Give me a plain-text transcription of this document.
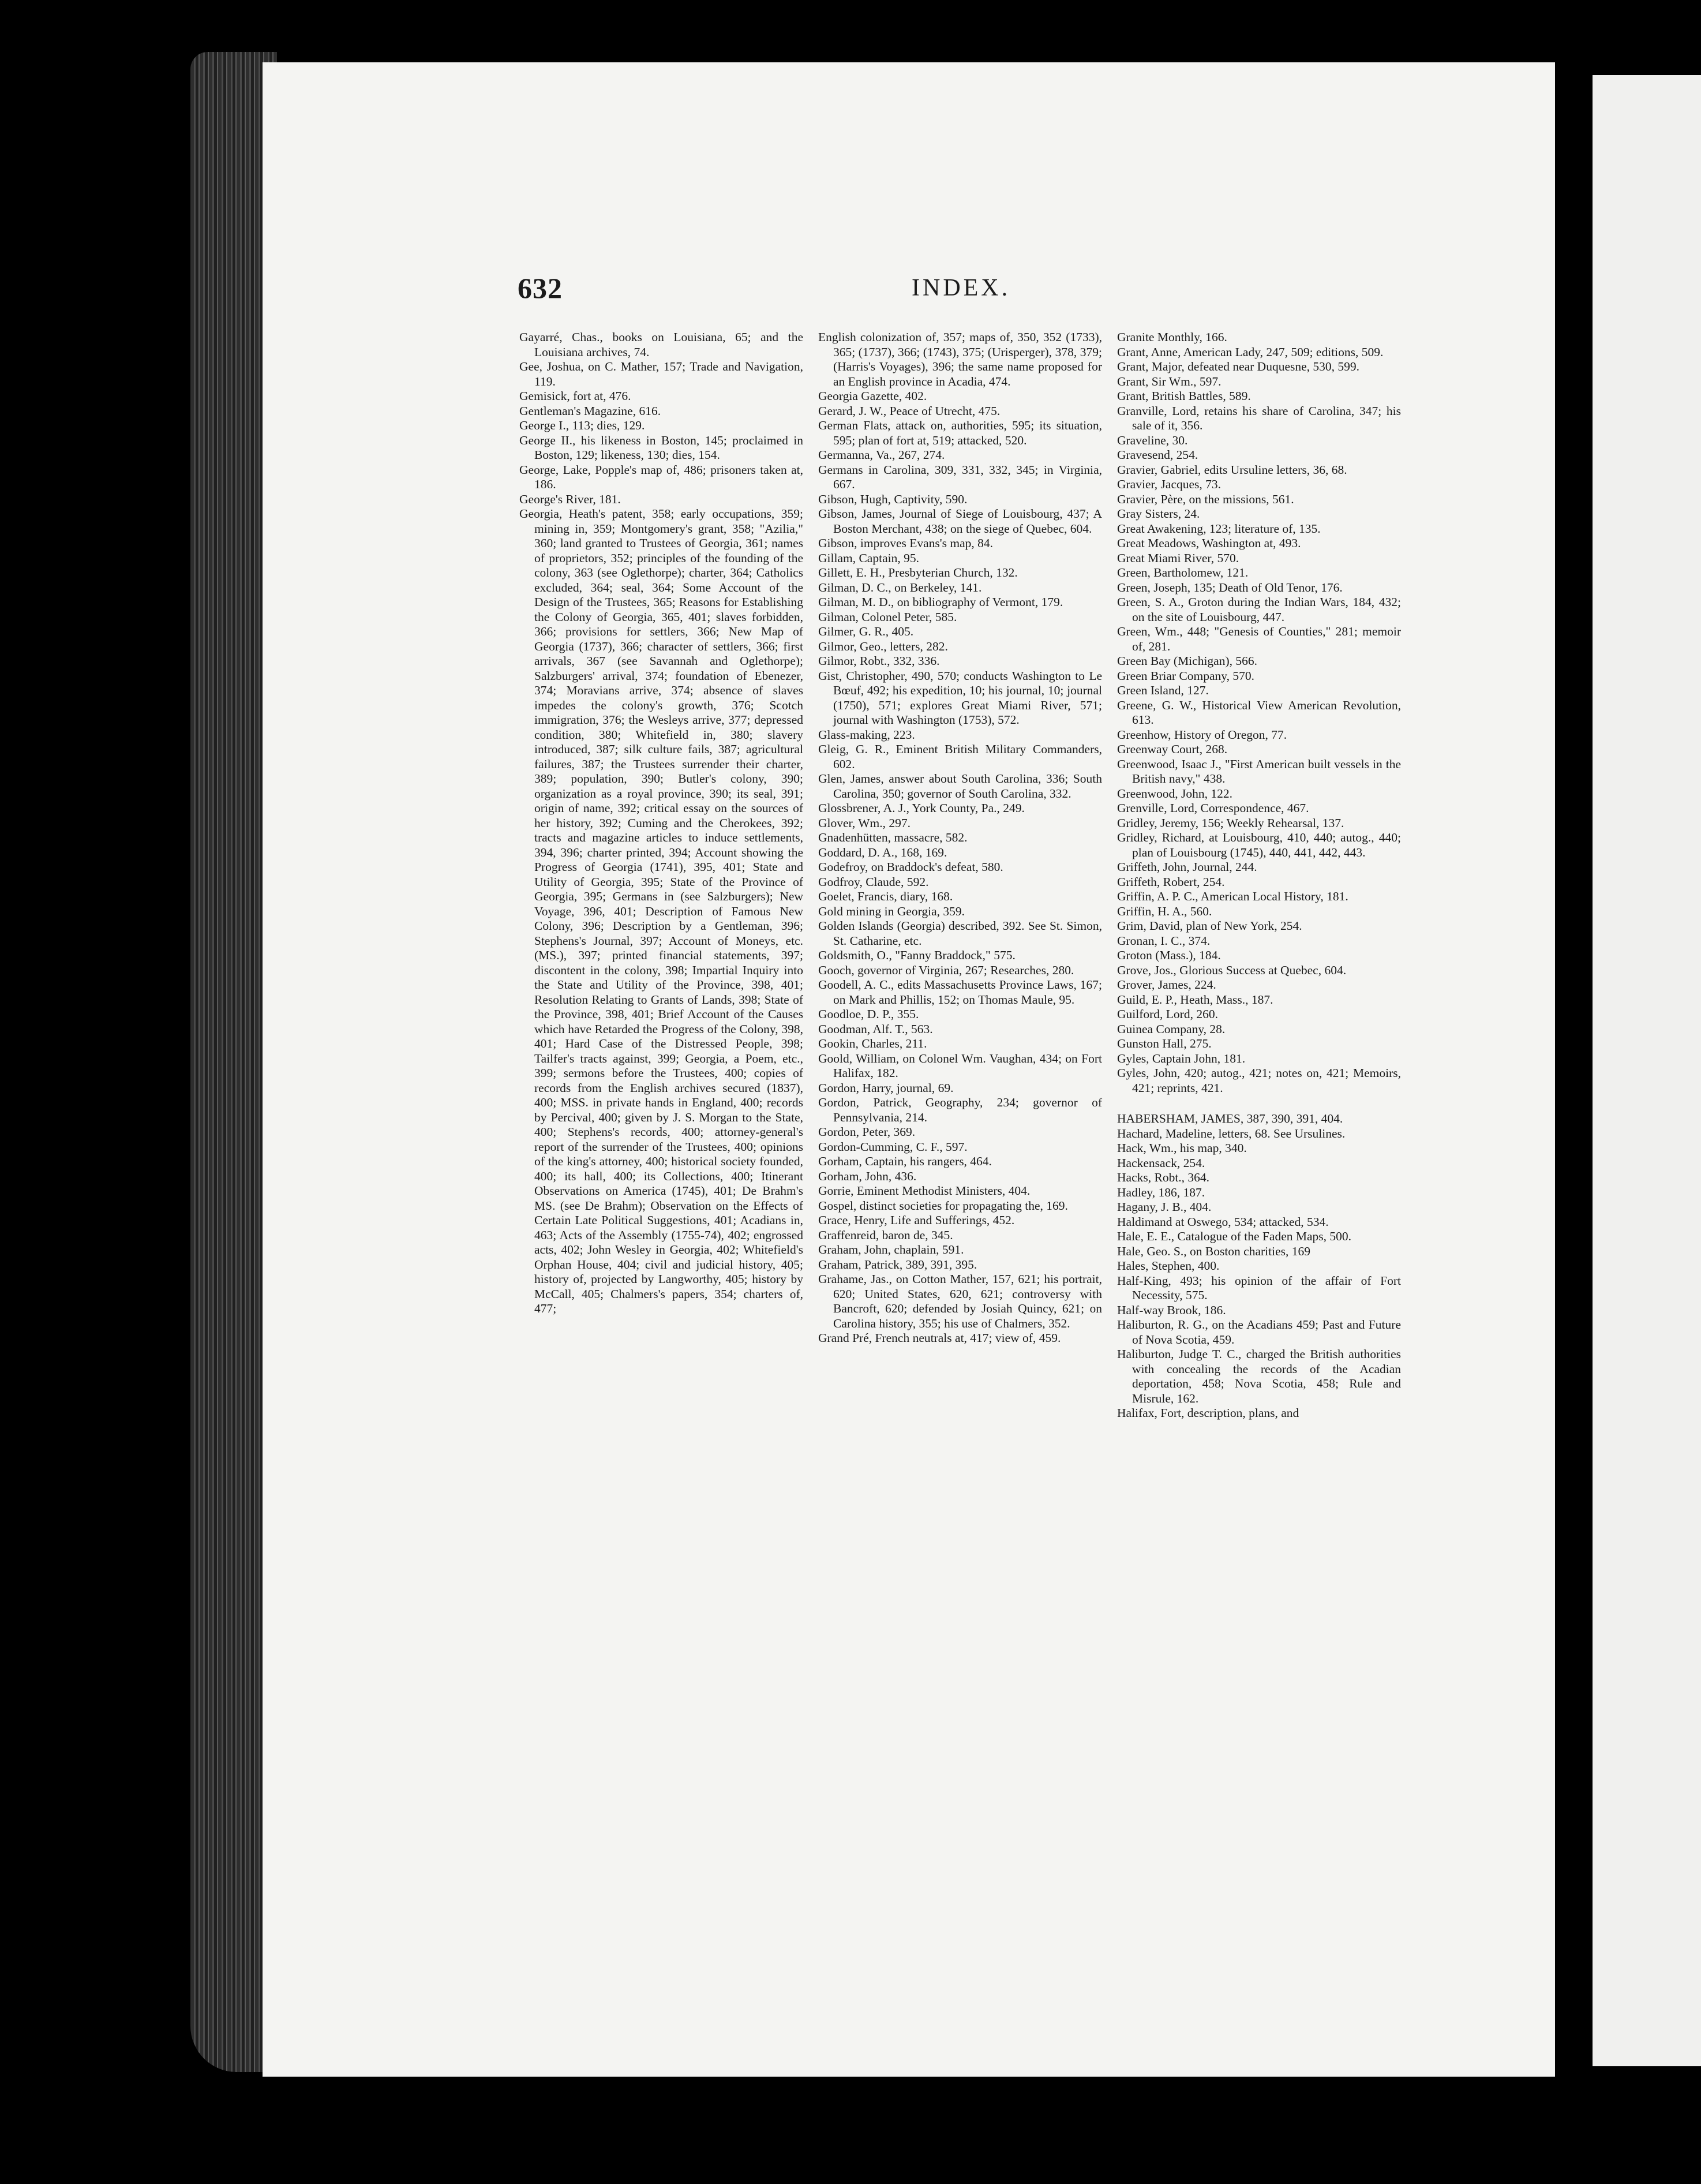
632	INDEX.
Gayarré, Chas., books on Louisiana, 65; and the Louisiana archives, 74.
Gee, Joshua, on C. Mather, 157; Trade and Navigation, 119.
Gemisick, fort at, 476.
Gentleman's Magazine, 616.
George I., 113; dies, 129.
George II., his likeness in Boston, 145; proclaimed in Boston, 129; likeness, 130; dies, 154.
George, Lake, Popple's map of, 486; prisoners taken at, 186.
George's River, 181.
Georgia, Heath's patent, 358; early occupations, 359; mining in, 359; Montgomery's grant, 358; "Azilia," 360; land granted to Trustees of Georgia, 361; names of proprietors, 352; principles of the founding of the colony, 363 (see Oglethorpe); charter, 364; Catholics excluded, 364; seal, 364; Some Account of the Design of the Trustees, 365; Reasons for Establishing the Colony of Georgia, 365, 401; slaves forbidden, 366; provisions for settlers, 366; New Map of Georgia (1737), 366; character of settlers, 366; first arrivals, 367 (see Savannah and Oglethorpe); Salzburgers' arrival, 374; foundation of Ebenezer, 374; Moravians arrive, 374; absence of slaves impedes the colony's growth, 376; Scotch immigration, 376; the Wesleys arrive, 377; depressed condition, 380; Whitefield in, 380; slavery introduced, 387; silk culture fails, 387; agricultural failures, 387; the Trustees surrender their charter, 389; population, 390; Butler's colony, 390; organization as a royal province, 390; its seal, 391; origin of name, 392; critical essay on the sources of her history, 392; Cuming and the Cherokees, 392; tracts and magazine articles to induce settlements, 394, 396; charter printed, 394; Account showing the Progress of Georgia (1741), 395, 401; State and Utility of Georgia, 395; State of the Province of Georgia, 395; Germans in (see Salzburgers); New Voyage, 396, 401; Description of Famous New Colony, 396; Description by a Gentleman, 396; Stephens's Journal, 397; Account of Moneys, etc. (MS.), 397; printed financial statements, 397; discontent in the colony, 398; Impartial Inquiry into the State and Utility of the Province, 398, 401; Resolution Relating to Grants of Lands, 398; State of the Province, 398, 401; Brief Account of the Causes which have Retarded the Progress of the Colony, 398, 401; Hard Case of the Distressed People, 398; Tailfer's tracts against, 399; Georgia, a Poem, etc., 399; sermons before the Trustees, 400; copies of records from the English archives secured (1837), 400; MSS. in private hands in England, 400; records by Percival, 400; given by J. S. Morgan to the State, 400; Stephens's records, 400; attorney-general's report of the surrender of the Trustees, 400; opinions of the king's attorney, 400; historical society founded, 400; its hall, 400; its Collections, 400; Itinerant Observations on America (1745), 401; De Brahm's MS. (see De Brahm); Observation on the Effects of Certain Late Political Suggestions, 401; Acadians in, 463; Acts of the Assembly (1755-74), 402; engrossed acts, 402; John Wesley in Georgia, 402; Whitefield's Orphan House, 404; civil and judicial history, 405; history of, projected by Langworthy, 405; history by McCall, 405; Chalmers's papers, 354; charters of, 477;
English colonization of, 357; maps of, 350, 352 (1733), 365; (1737), 366; (1743), 375; (Urisperger), 378, 379; (Harris's Voyages), 396; the same name proposed for an English province in Acadia, 474.
Georgia Gazette, 402.
Gerard, J. W., Peace of Utrecht, 475.
German Flats, attack on, authorities, 595; its situation, 595; plan of fort at, 519; attacked, 520.
Germanna, Va., 267, 274.
Germans in Carolina, 309, 331, 332, 345; in Virginia, 667.
Gibson, Hugh, Captivity, 590.
Gibson, James, Journal of Siege of Louisbourg, 437; A Boston Merchant, 438; on the siege of Quebec, 604.
Gibson, improves Evans's map, 84.
Gillam, Captain, 95.
Gillett, E. H., Presbyterian Church, 132.
Gilman, D. C., on Berkeley, 141.
Gilman, M. D., on bibliography of Vermont, 179.
Gilman, Colonel Peter, 585.
Gilmer, G. R., 405.
Gilmor, Geo., letters, 282.
Gilmor, Robt., 332, 336.
Gist, Christopher, 490, 570; conducts Washington to Le Bœuf, 492; his expedition, 10; his journal, 10; journal (1750), 571; explores Great Miami River, 571; journal with Washington (1753), 572.
Glass-making, 223.
Gleig, G. R., Eminent British Military Commanders, 602.
Glen, James, answer about South Carolina, 336; South Carolina, 350; governor of South Carolina, 332.
Glossbrener, A. J., York County, Pa., 249.
Glover, Wm., 297.
Gnadenhütten, massacre, 582.
Goddard, D. A., 168, 169.
Godefroy, on Braddock's defeat, 580.
Godfroy, Claude, 592.
Goelet, Francis, diary, 168.
Gold mining in Georgia, 359.
Golden Islands (Georgia) described, 392. See St. Simon, St. Catharine, etc.
Goldsmith, O., "Fanny Braddock," 575.
Gooch, governor of Virginia, 267; Researches, 280.
Goodell, A. C., edits Massachusetts Province Laws, 167; on Mark and Phillis, 152; on Thomas Maule, 95.
Goodloe, D. P., 355.
Goodman, Alf. T., 563.
Gookin, Charles, 211.
Goold, William, on Colonel Wm. Vaughan, 434; on Fort Halifax, 182.
Gordon, Harry, journal, 69.
Gordon, Patrick, Geography, 234; governor of Pennsylvania, 214.
Gordon, Peter, 369.
Gordon-Cumming, C. F., 597.
Gorham, Captain, his rangers, 464.
Gorham, John, 436.
Gorrie, Eminent Methodist Ministers, 404.
Gospel, distinct societies for propagating the, 169.
Grace, Henry, Life and Sufferings, 452.
Graffenreid, baron de, 345.
Graham, John, chaplain, 591.
Graham, Patrick, 389, 391, 395.
Grahame, Jas., on Cotton Mather, 157, 621; his portrait, 620; United States, 620, 621; controversy with Bancroft, 620; defended by Josiah Quincy, 621; on Carolina history, 355; his use of Chalmers, 352.
Grand Pré, French neutrals at, 417; view of, 459.
Granite Monthly, 166.
Grant, Anne, American Lady, 247, 509; editions, 509.
Grant, Major, defeated near Duquesne, 530, 599.
Grant, Sir Wm., 597.
Grant, British Battles, 589.
Granville, Lord, retains his share of Carolina, 347; his sale of it, 356.
Graveline, 30.
Gravesend, 254.
Gravier, Gabriel, edits Ursuline letters, 36, 68.
Gravier, Jacques, 73.
Gravier, Père, on the missions, 561.
Gray Sisters, 24.
Great Awakening, 123; literature of, 135.
Great Meadows, Washington at, 493.
Great Miami River, 570.
Green, Bartholomew, 121.
Green, Joseph, 135; Death of Old Tenor, 176.
Green, S. A., Groton during the Indian Wars, 184, 432; on the site of Louisbourg, 447.
Green, Wm., 448; "Genesis of Counties," 281; memoir of, 281.
Green Bay (Michigan), 566.
Green Briar Company, 570.
Green Island, 127.
Greene, G. W., Historical View American Revolution, 613.
Greenhow, History of Oregon, 77.
Greenway Court, 268.
Greenwood, Isaac J., "First American built vessels in the British navy," 438.
Greenwood, John, 122.
Grenville, Lord, Correspondence, 467.
Gridley, Jeremy, 156; Weekly Rehearsal, 137.
Gridley, Richard, at Louisbourg, 410, 440; autog., 440; plan of Louisbourg (1745), 440, 441, 442, 443.
Griffeth, John, Journal, 244.
Griffeth, Robert, 254.
Griffin, A. P. C., American Local History, 181.
Griffin, H. A., 560.
Grim, David, plan of New York, 254.
Gronan, I. C., 374.
Groton (Mass.), 184.
Grove, Jos., Glorious Success at Quebec, 604.
Grover, James, 224.
Guild, E. P., Heath, Mass., 187.
Guilford, Lord, 260.
Guinea Company, 28.
Gunston Hall, 275.
Gyles, Captain John, 181.
Gyles, John, 420; autog., 421; notes on, 421; Memoirs, 421; reprints, 421.
HABERSHAM, JAMES, 387, 390, 391, 404.
Hachard, Madeline, letters, 68. See Ursulines.
Hack, Wm., his map, 340.
Hackensack, 254.
Hacks, Robt., 364.
Hadley, 186, 187.
Hagany, J. B., 404.
Haldimand at Oswego, 534; attacked, 534.
Hale, E. E., Catalogue of the Faden Maps, 500.
Hale, Geo. S., on Boston charities, 169
Hales, Stephen, 400.
Half-King, 493; his opinion of the affair of Fort Necessity, 575.
Half-way Brook, 186.
Haliburton, R. G., on the Acadians 459; Past and Future of Nova Scotia, 459.
Haliburton, Judge T. C., charged the British authorities with concealing the records of the Acadian deportation, 458; Nova Scotia, 458; Rule and Misrule, 162.
Halifax, Fort, description, plans, and
